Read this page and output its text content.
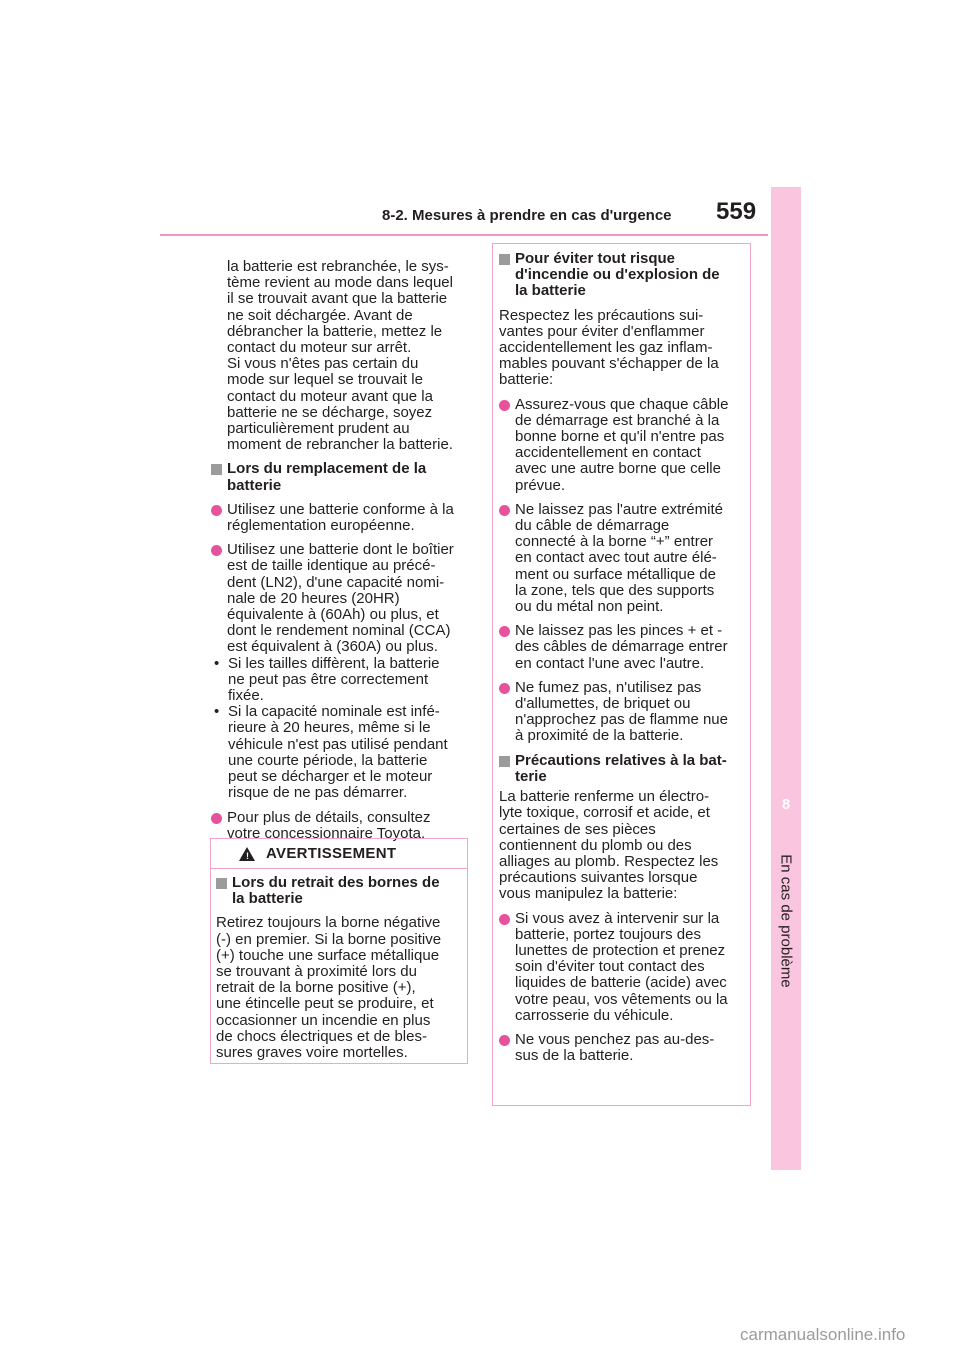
8-2. Mesures à prendre en cas d'urgence 559
8
En cas de problème
la batterie est rebranchée, le sys-
tème revient au mode dans lequel
il se trouvait avant que la batterie
ne soit déchargée. Avant de
débrancher la batterie, mettez le
contact du moteur sur arrêt.
Si vous n'êtes pas certain du
mode sur lequel se trouvait le
contact du moteur avant que la
batterie ne se décharge, soyez
particulièrement prudent au
moment de rebrancher la batterie.
Lors du remplacement de la
batterie
Utilisez une batterie conforme à la
réglementation européenne.
Utilisez une batterie dont le boîtier
est de taille identique au précé-
dent (LN2), d'une capacité nomi-
nale de 20 heures (20HR)
équivalente à (60Ah) ou plus, et
dont le rendement nominal (CCA)
est équivalent à (360A) ou plus.
• Si les tailles diffèrent, la batterie
ne peut pas être correctement
fixée.
• Si la capacité nominale est infé-
rieure à 20 heures, même si le
véhicule n'est pas utilisé pendant
une courte période, la batterie
peut se décharger et le moteur
risque de ne pas démarrer.
Pour plus de détails, consultez
votre concessionnaire Toyota.
! AVERTISSEMENT
Lors du retrait des bornes de
la batterie
Retirez toujours la borne négative
(-) en premier. Si la borne positive
(+) touche une surface métallique
se trouvant à proximité lors du
retrait de la borne positive (+),
une étincelle peut se produire, et
occasionner un incendie en plus
de chocs électriques et de bles-
sures graves voire mortelles.
Pour éviter tout risque
d'incendie ou d'explosion de
la batterie
Respectez les précautions sui-
vantes pour éviter d'enflammer
accidentellement les gaz inflam-
mables pouvant s'échapper de la
batterie:
Assurez-vous que chaque câble
de démarrage est branché à la
bonne borne et qu'il n'entre pas
accidentellement en contact
avec une autre borne que celle
prévue.
Ne laissez pas l'autre extrémité
du câble de démarrage
connecté à la borne “+” entrer
en contact avec tout autre élé-
ment ou surface métallique de
la zone, tels que des supports
ou du métal non peint.
Ne laissez pas les pinces + et -
des câbles de démarrage entrer
en contact l'une avec l'autre.
Ne fumez pas, n'utilisez pas
d'allumettes, de briquet ou
n'approchez pas de flamme nue
à proximité de la batterie.
Précautions relatives à la bat-
terie
La batterie renferme un électro-
lyte toxique, corrosif et acide, et
certaines de ses pièces
contiennent du plomb ou des
alliages au plomb. Respectez les
précautions suivantes lorsque
vous manipulez la batterie:
Si vous avez à intervenir sur la
batterie, portez toujours des
lunettes de protection et prenez
soin d'éviter tout contact des
liquides de batterie (acide) avec
votre peau, vos vêtements ou la
carrosserie du véhicule.
Ne vous penchez pas au-des-
sus de la batterie.
carmanualsonline.info
